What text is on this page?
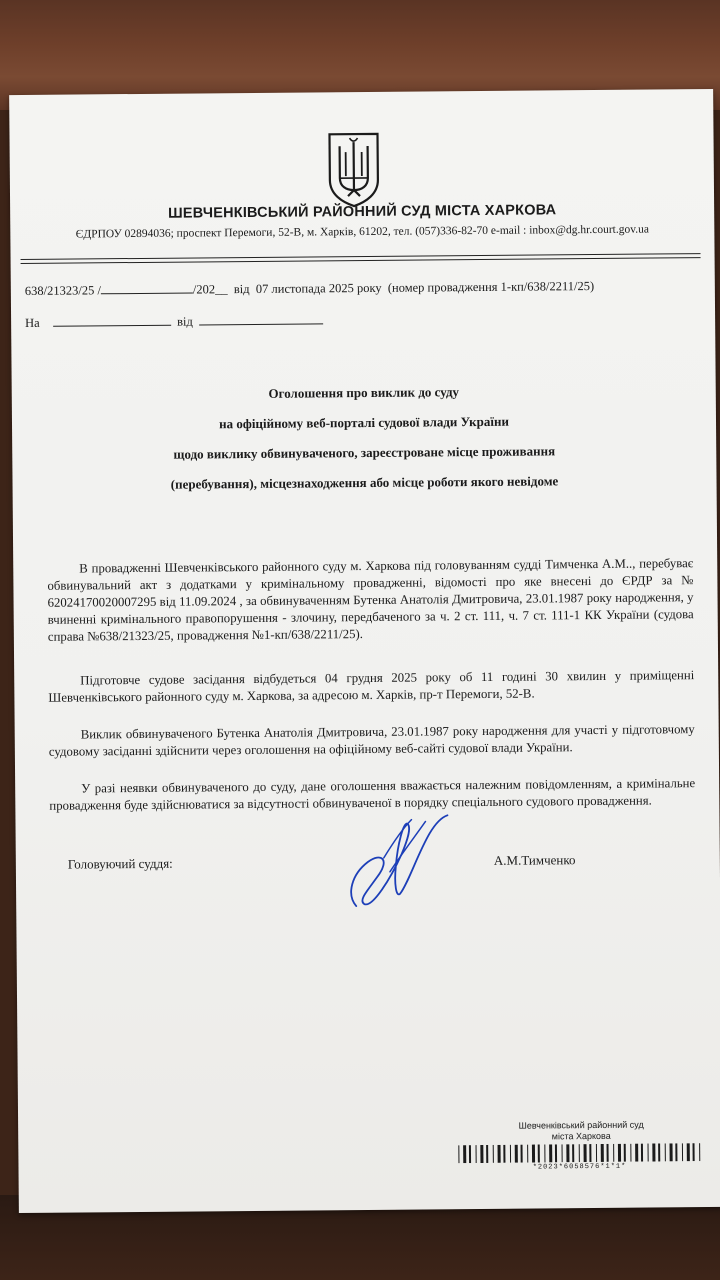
ШЕВЧЕНКІВСЬКИЙ РАЙОННИЙ СУД МІСТА ХАРКОВА
ЄДРПОУ 02894036; проспект Перемоги, 52-В, м. Харків, 61202, тел. (057)336-82-70 e-mail : inbox@dg.hr.court.gov.ua
638/21323/25 /	/202__ від 07 листопада 2025 року (номер провадження 1-кп/638/2211/25)
На	від
Оголошення про виклик до суду
на офіційному веб-порталі судової влади України
щодо виклику обвинуваченого, зареєстроване місце проживання
(перебування), місцезнаходження або місце роботи якого невідоме
В провадженні Шевченківського районного суду м. Харкова під головуванням судді Тимченка А.М.., перебуває обвинувальний акт з додатками у кримінальному провадженні, відомості про яке внесені до ЄРДР за № 62024170020007295 від 11.09.2024 , за обвинуваченням Бутенка Анатолія Дмитровича, 23.01.1987 року народження, у вчиненні кримінального правопорушення - злочину, передбаченого за ч. 2 ст. 111, ч. 7 ст. 111-1 КК України (судова справа №638/21323/25, провадження №1-кп/638/2211/25).
Підготовче судове засідання відбудеться 04 грудня 2025 року об 11 годині 30 хвилин у приміщенні Шевченківського районного суду м. Харкова, за адресою м. Харків, пр-т Перемоги, 52-В.
Виклик обвинуваченого Бутенка Анатолія Дмитровича, 23.01.1987 року народження для участі у підготовчому судовому засіданні здійснити через оголошення на офіційному веб-сайті судової влади України.
У разі неявки обвинуваченого до суду, дане оголошення вважається належним повідомленням, а кримінальне провадження буде здійснюватися за відсутності обвинуваченої в порядку спеціального судового провадження.
Головуючий суддя:	А.М.Тимченко
Шевченківський районний суд
міста Харкова
*2023*6058576*1*1*
